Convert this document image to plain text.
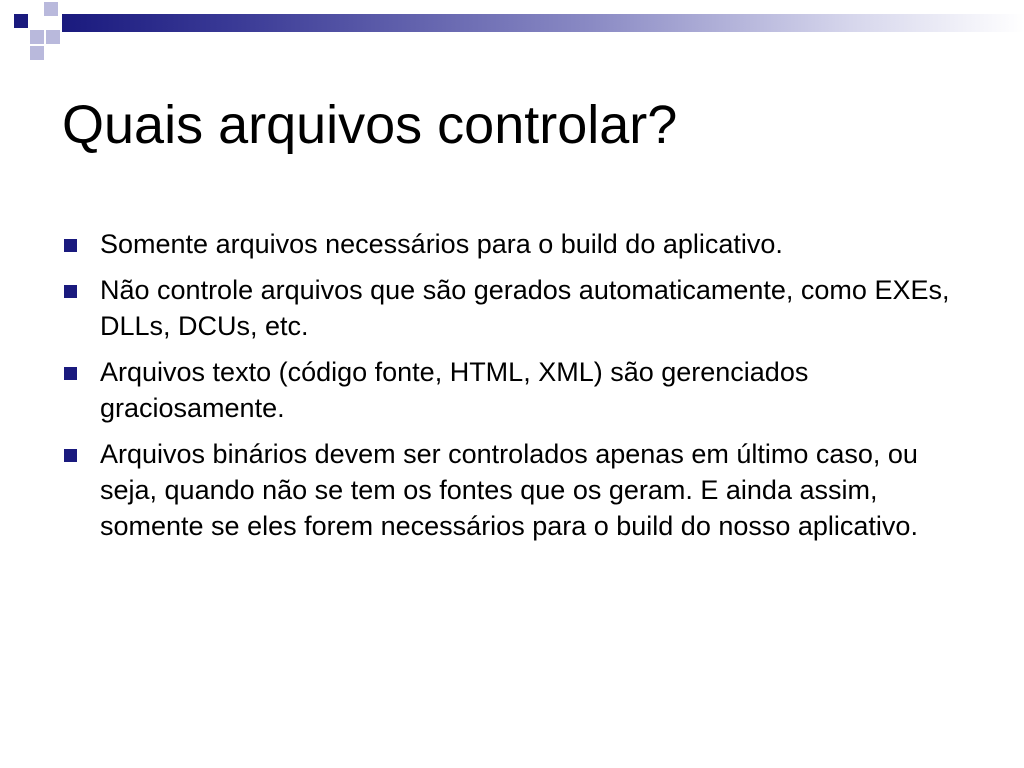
Quais arquivos controlar?
Somente arquivos necessários para o build do aplicativo.
Não controle arquivos que são gerados automaticamente, como EXEs, DLLs, DCUs, etc.
Arquivos texto (código fonte, HTML, XML) são gerenciados graciosamente.
Arquivos binários devem ser controlados apenas em último caso, ou seja, quando não se tem os fontes que os geram. E ainda assim, somente se eles forem necessários para o build do nosso aplicativo.
